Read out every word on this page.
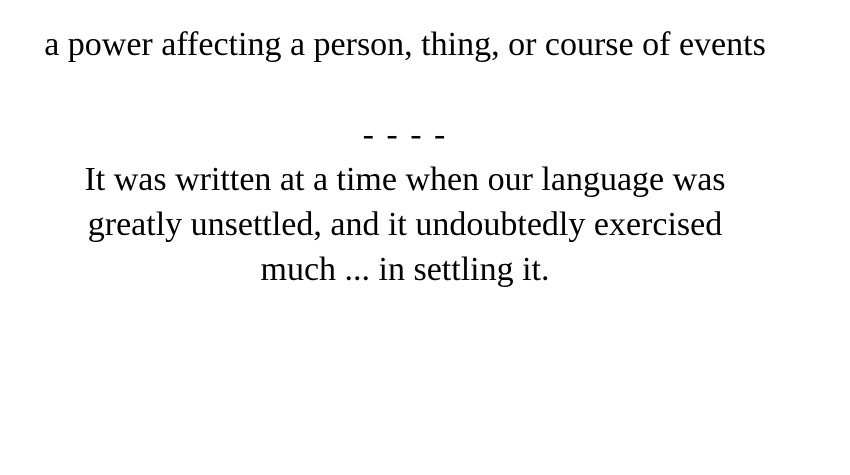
a power affecting a person, thing, or course of events

- - - -

It was written at a time when our language was greatly unsettled, and it undoubtedly exercised much ... in settling it.
